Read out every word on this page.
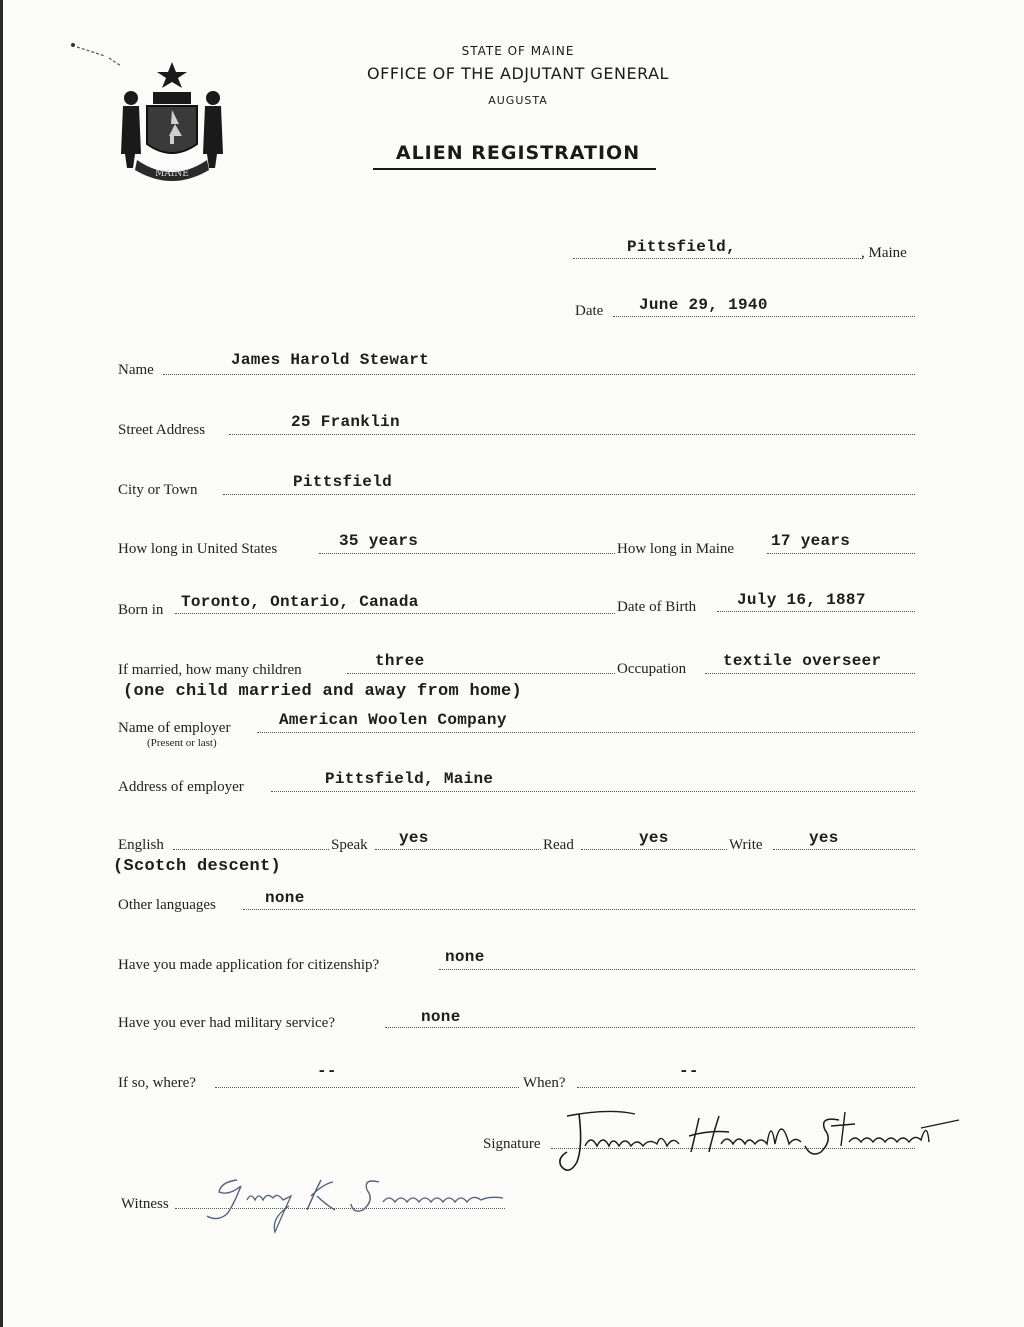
MAINE
STATE OF MAINE
OFFICE OF THE ADJUTANT GENERAL
AUGUSTA
ALIEN REGISTRATION
Pittsfield,	, Maine
Date June 29, 1940
Name
James Harold Stewart
Street Address	25 Franklin
City or Town	Pittsfield
How long in United States	35 years	How long in Maine 17 years
Born in Toronto, Ontario, Canada	Date of Birth	July 16, 1887
If married, how many children	three	Occupation textile overseer
(one child married and away from home)
Name of employer
(Present or last)
American Woolen Company
Address of employer	Pittsfield, Maine
English	Speak yes	Read	yes	Write	yes
(Scotch descent)
Other languages	none
Have you made application for citizenship?	none
Have you ever had military service?	none
If so, where?
--
When?
--
Signature
Witness
